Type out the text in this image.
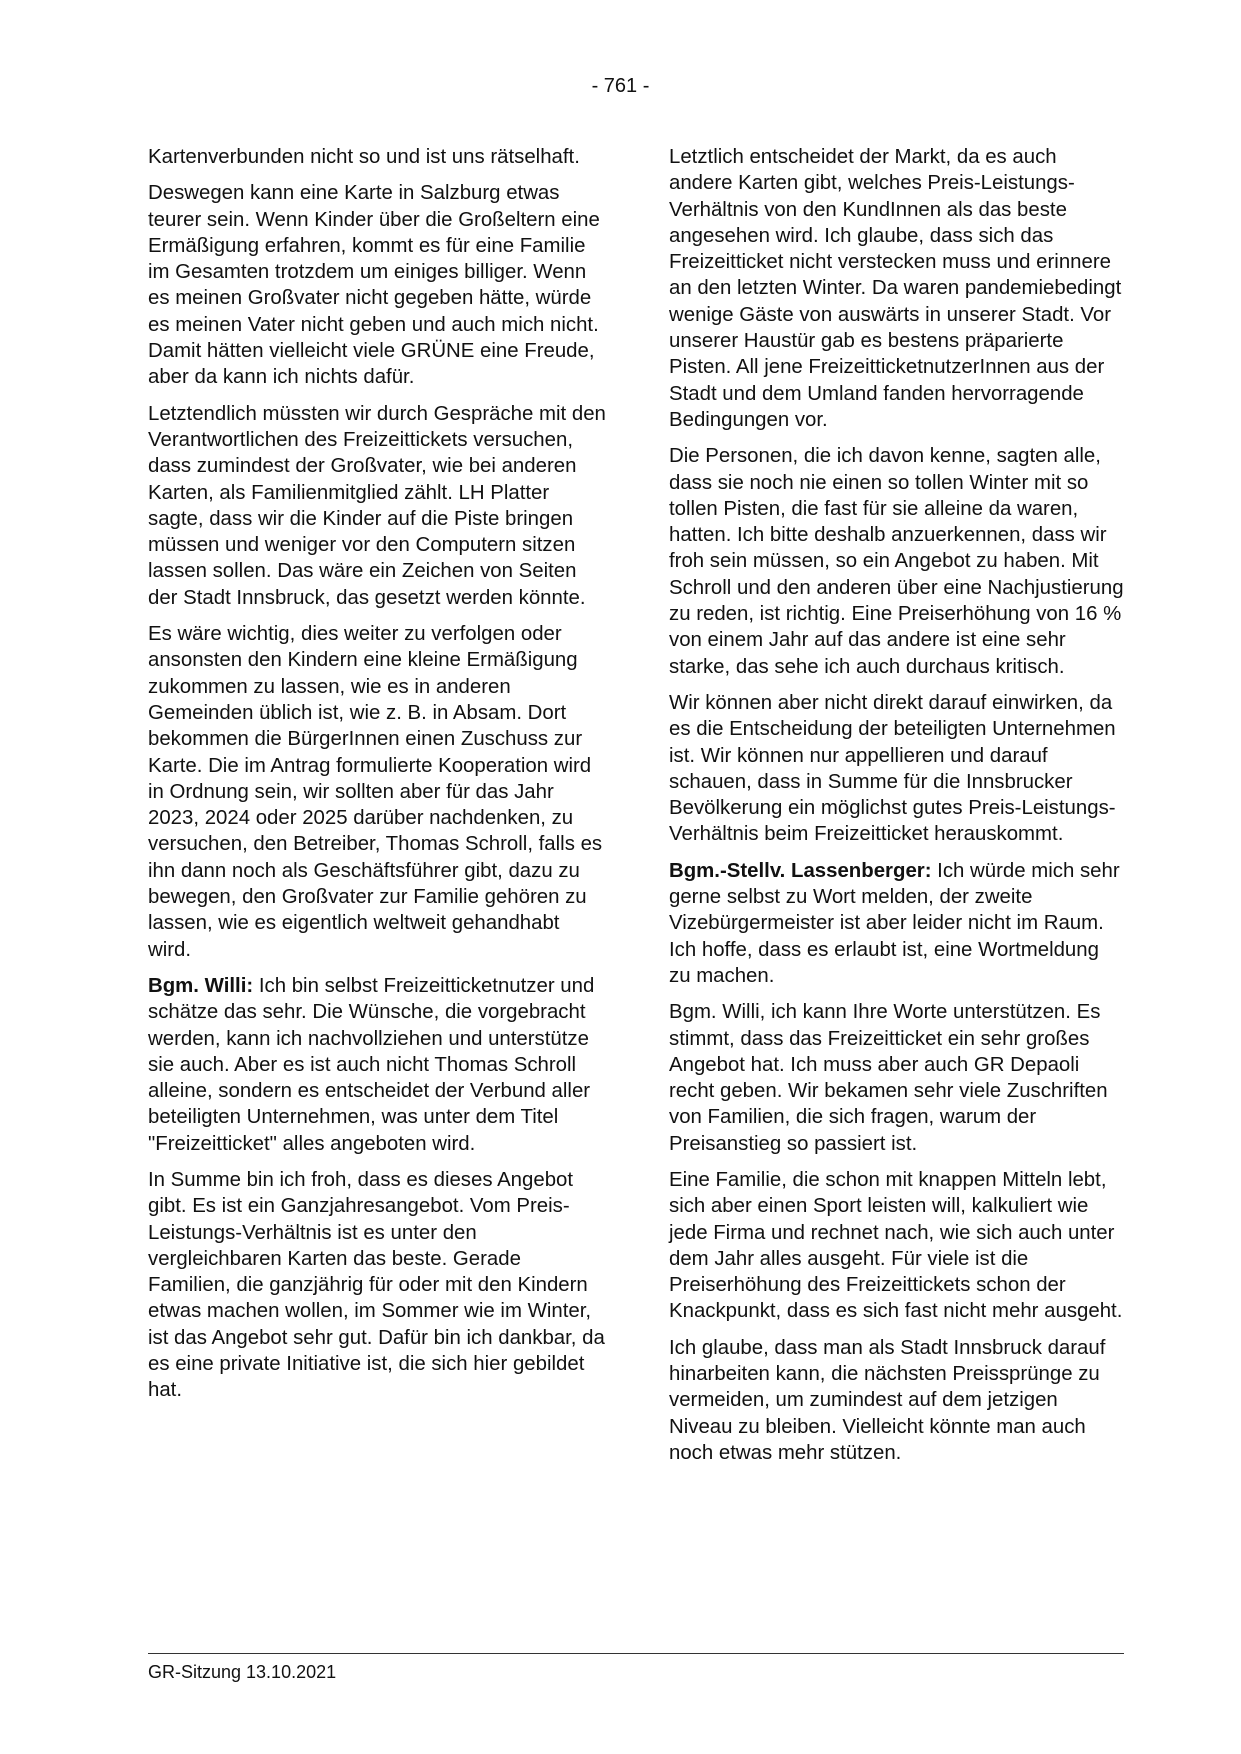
- 761 -

Kartenverbunden nicht so und ist uns rätselhaft.

Deswegen kann eine Karte in Salzburg etwas teurer sein. Wenn Kinder über die Großeltern eine Ermäßigung erfahren, kommt es für eine Familie im Gesamten trotzdem um einiges billiger. Wenn es meinen Großvater nicht gegeben hätte, würde es meinen Vater nicht geben und auch mich nicht. Damit hätten vielleicht viele GRÜNE eine Freude, aber da kann ich nichts dafür.

Letztendlich müssten wir durch Gespräche mit den Verantwortlichen des Freizeittickets versuchen, dass zumindest der Großvater, wie bei anderen Karten, als Familienmitglied zählt. LH Platter sagte, dass wir die Kinder auf die Piste bringen müssen und weniger vor den Computern sitzen lassen sollen. Das wäre ein Zeichen von Seiten der Stadt Innsbruck, das gesetzt werden könnte.

Es wäre wichtig, dies weiter zu verfolgen oder ansonsten den Kindern eine kleine Ermäßigung zukommen zu lassen, wie es in anderen Gemeinden üblich ist, wie z. B. in Absam. Dort bekommen die BürgerInnen einen Zuschuss zur Karte. Die im Antrag formulierte Kooperation wird in Ordnung sein, wir sollten aber für das Jahr 2023, 2024 oder 2025 darüber nachdenken, zu versuchen, den Betreiber, Thomas Schroll, falls es ihn dann noch als Geschäftsführer gibt, dazu zu bewegen, den Großvater zur Familie gehören zu lassen, wie es eigentlich weltweit gehandhabt wird.

Bgm. Willi: Ich bin selbst Freizeitticketnutzer und schätze das sehr. Die Wünsche, die vorgebracht werden, kann ich nachvollziehen und unterstütze sie auch. Aber es ist auch nicht Thomas Schroll alleine, sondern es entscheidet der Verbund aller beteiligten Unternehmen, was unter dem Titel "Freizeitticket" alles angeboten wird.

In Summe bin ich froh, dass es dieses Angebot gibt. Es ist ein Ganzjahresangebot. Vom Preis-Leistungs-Verhältnis ist es unter den vergleichbaren Karten das beste. Gerade Familien, die ganzjährig für oder mit den Kindern etwas machen wollen, im Sommer wie im Winter, ist das Angebot sehr gut. Dafür bin ich dankbar, da es eine private Initiative ist, die sich hier gebildet hat.

Letztlich entscheidet der Markt, da es auch andere Karten gibt, welches Preis-Leistungs-Verhältnis von den KundInnen als das beste angesehen wird. Ich glaube, dass sich das Freizeitticket nicht verstecken muss und erinnere an den letzten Winter. Da waren pandemiebedingt wenige Gäste von auswärts in unserer Stadt. Vor unserer Haustür gab es bestens präparierte Pisten. All jene FreizeitticketnutzerInnen aus der Stadt und dem Umland fanden hervorragende Bedingungen vor.

Die Personen, die ich davon kenne, sagten alle, dass sie noch nie einen so tollen Winter mit so tollen Pisten, die fast für sie alleine da waren, hatten. Ich bitte deshalb anzuerkennen, dass wir froh sein müssen, so ein Angebot zu haben. Mit Schroll und den anderen über eine Nachjustierung zu reden, ist richtig. Eine Preiserhöhung von 16 % von einem Jahr auf das andere ist eine sehr starke, das sehe ich auch durchaus kritisch.

Wir können aber nicht direkt darauf einwirken, da es die Entscheidung der beteiligten Unternehmen ist. Wir können nur appellieren und darauf schauen, dass in Summe für die Innsbrucker Bevölkerung ein möglichst gutes Preis-Leistungs-Verhältnis beim Freizeitticket herauskommt.

Bgm.-Stellv. Lassenberger: Ich würde mich sehr gerne selbst zu Wort melden, der zweite Vizebürgermeister ist aber leider nicht im Raum. Ich hoffe, dass es erlaubt ist, eine Wortmeldung zu machen.

Bgm. Willi, ich kann Ihre Worte unterstützen. Es stimmt, dass das Freizeitticket ein sehr großes Angebot hat. Ich muss aber auch GR Depaoli recht geben. Wir bekamen sehr viele Zuschriften von Familien, die sich fragen, warum der Preisanstieg so passiert ist.

Eine Familie, die schon mit knappen Mitteln lebt, sich aber einen Sport leisten will, kalkuliert wie jede Firma und rechnet nach, wie sich auch unter dem Jahr alles ausgeht. Für viele ist die Preiserhöhung des Freizeittickets schon der Knackpunkt, dass es sich fast nicht mehr ausgeht.

Ich glaube, dass man als Stadt Innsbruck darauf hinarbeiten kann, die nächsten Preissprünge zu vermeiden, um zumindest auf dem jetzigen Niveau zu bleiben. Vielleicht könnte man auch noch etwas mehr stützen.

GR-Sitzung 13.10.2021
